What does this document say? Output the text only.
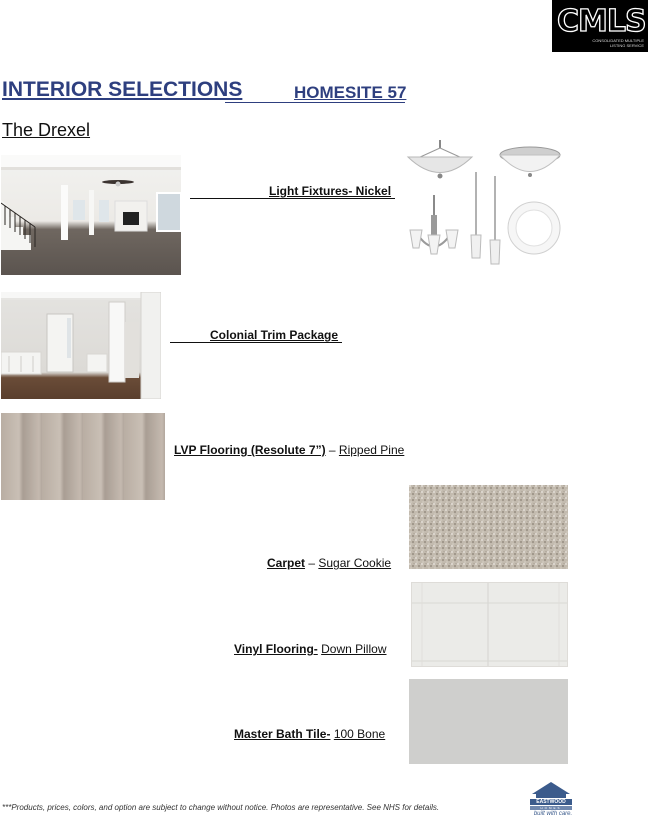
CMLS
CONSOLIDATED MULTIPLE LISTING SERVICE
INTERIOR SELECTIONS	HOMESITE 57
The Drexel
Light Fixtures- Nickel
Colonial Trim Package
LVP Flooring (Resolute 7”) – Ripped Pine
Carpet – Sugar Cookie
Vinyl Flooring- Down Pillow
Master Bath Tile- 100 Bone
***Products, prices, colors, and option are subject to change without notice. Photos are representative. See NHS for details.
EASTWOOD
HOMES
built with care.
